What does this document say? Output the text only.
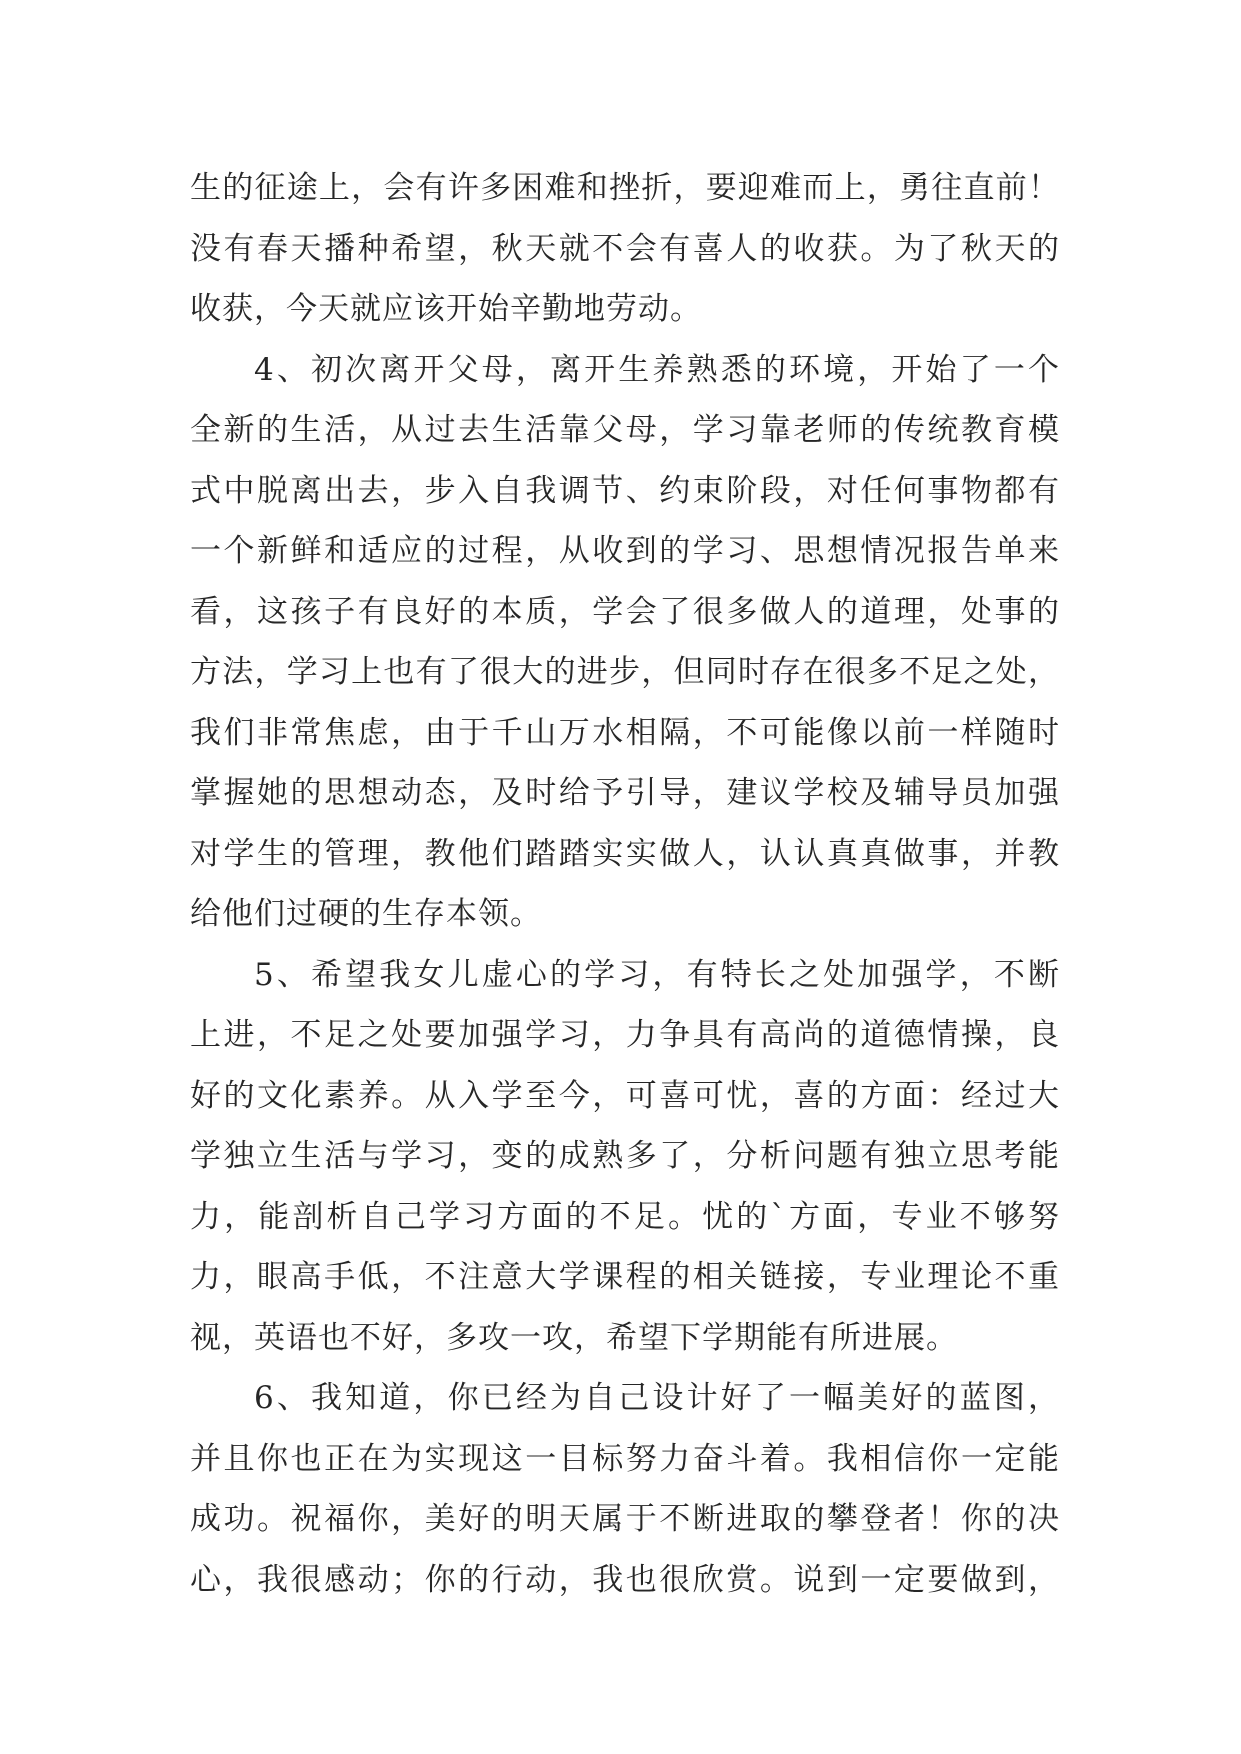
生的征途上，会有许多困难和挫折，要迎难而上，勇往直前！
没有春天播种希望，秋天就不会有喜人的收获。为了秋天的
收获，今天就应该开始辛勤地劳动。
4、初次离开父母，离开生养熟悉的环境，开始了一个
全新的生活，从过去生活靠父母，学习靠老师的传统教育模
式中脱离出去，步入自我调节、约束阶段，对任何事物都有
一个新鲜和适应的过程，从收到的学习、思想情况报告单来
看，这孩子有良好的本质，学会了很多做人的道理，处事的
方法，学习上也有了很大的进步，但同时存在很多不足之处，
我们非常焦虑，由于千山万水相隔，不可能像以前一样随时
掌握她的思想动态，及时给予引导，建议学校及辅导员加强
对学生的管理，教他们踏踏实实做人，认认真真做事，并教
给他们过硬的生存本领。
5、希望我女儿虚心的学习，有特长之处加强学，不断
上进，不足之处要加强学习，力争具有高尚的道德情操，良
好的文化素养。从入学至今，可喜可忧，喜的方面：经过大
学独立生活与学习，变的成熟多了，分析问题有独立思考能
力，能剖析自己学习方面的不足。忧的`方面，专业不够努
力，眼高手低，不注意大学课程的相关链接，专业理论不重
视，英语也不好，多攻一攻，希望下学期能有所进展。
6、我知道，你已经为自己设计好了一幅美好的蓝图，
并且你也正在为实现这一目标努力奋斗着。我相信你一定能
成功。祝福你，美好的明天属于不断进取的攀登者！你的决
心，我很感动；你的行动，我也很欣赏。说到一定要做到，
